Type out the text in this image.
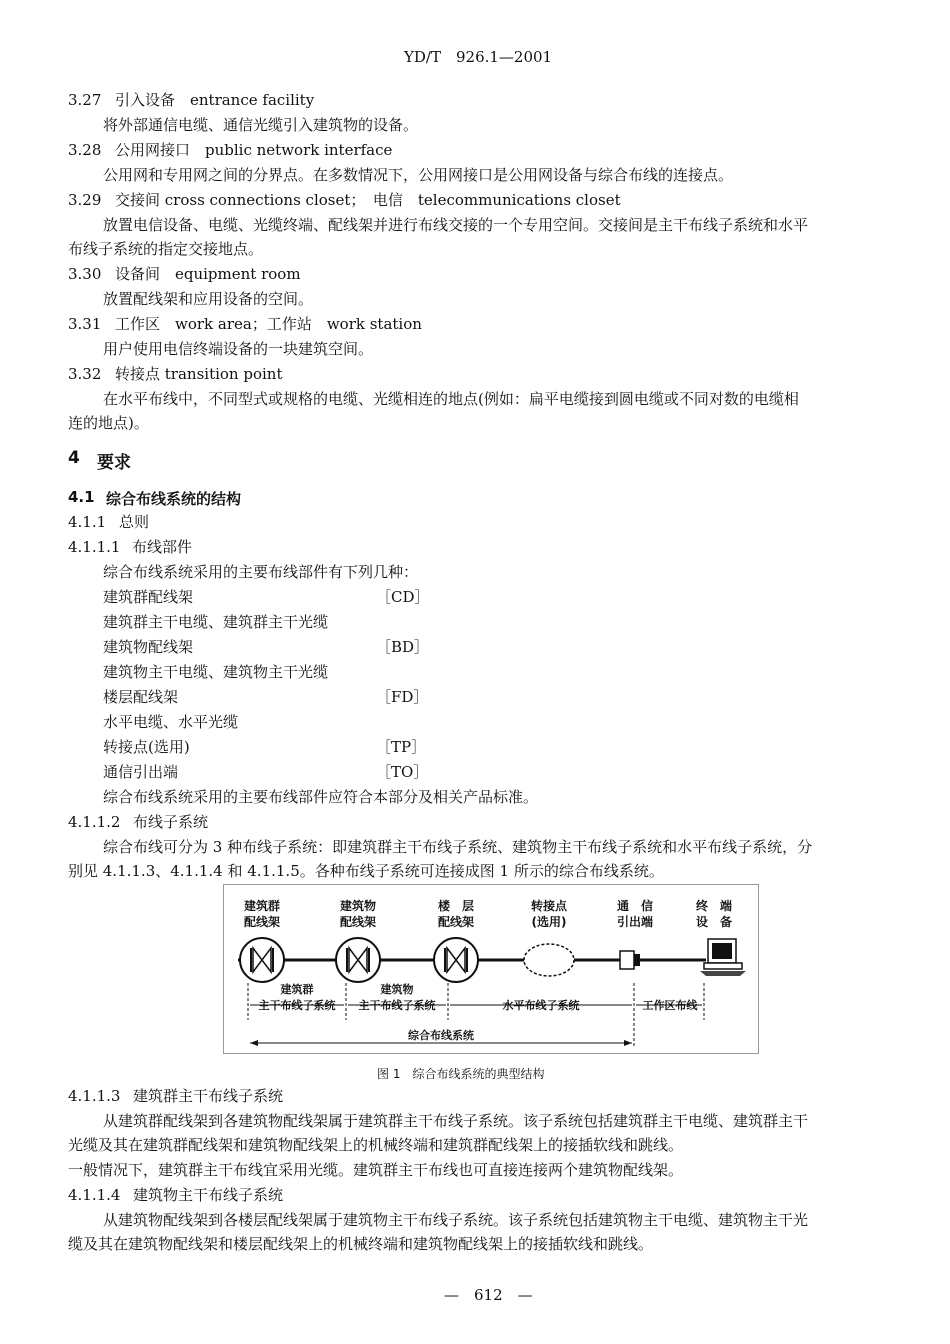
YD/T　926.1—2001
3.27 引入设备　entrance facility
将外部通信电缆、通信光缆引入建筑物的设备。
3.28 公用网接口　public network interface
公用网和专用网之间的分界点。在多数情况下，公用网接口是公用网设备与综合布线的连接点。
3.29 交接间 cross connections closet；　电信　telecommunications closet
放置电信设备、电缆、光缆终端、配线架并进行布线交接的一个专用空间。交接间是主干布线子系统和水平
布线子系统的指定交接地点。
3.30 设备间　equipment room
放置配线架和应用设备的空间。
3.31 工作区　work area；工作站　work station
用户使用电信终端设备的一块建筑空间。
3.32 转接点 transition point
在水平布线中，不同型式或规格的电缆、光缆相连的地点(例如：扁平电缆接到圆电缆或不同对数的电缆相
连的地点)。
4 要求
4.1 综合布线系统的结构
4.1.1 总则
4.1.1.1 布线部件
综合布线系统采用的主要布线部件有下列几种：
建筑群配线架	［CD］
建筑群主干电缆、建筑群主干光缆
建筑物配线架	［BD］
建筑物主干电缆、建筑物主干光缆
楼层配线架	［FD］
水平电缆、水平光缆
转接点(选用)	［TP］
通信引出端	［TO］
综合布线系统采用的主要布线部件应符合本部分及相关产品标准。
4.1.1.2 布线子系统
综合布线可分为 3 种布线子系统：即建筑群主干布线子系统、建筑物主干布线子系统和水平布线子系统，分
别见 4.1.1.3、4.1.1.4 和 4.1.1.5。各种布线子系统可连接成图 1 所示的综合布线系统。
建筑群
配线架
建筑物
配线架
楼　层
配线架
转接点
(选用)
通　信
引出端
终　端
设　备
建筑群
主干布线子系统
建筑物
主干布线子系统	水平布线子系统	工作区布线
综合布线系统
图 1　综合布线系统的典型结构
4.1.1.3 建筑群主干布线子系统
从建筑群配线架到各建筑物配线架属于建筑群主干布线子系统。该子系统包括建筑群主干电缆、建筑群主干
光缆及其在建筑群配线架和建筑物配线架上的机械终端和建筑群配线架上的接插软线和跳线。
一般情况下，建筑群主干布线宜采用光缆。建筑群主干布线也可直接连接两个建筑物配线架。
4.1.1.4 建筑物主干布线子系统
从建筑物配线架到各楼层配线架属于建筑物主干布线子系统。该子系统包括建筑物主干电缆、建筑物主干光
缆及其在建筑物配线架和楼层配线架上的机械终端和建筑物配线架上的接插软线和跳线。
—　612　—
